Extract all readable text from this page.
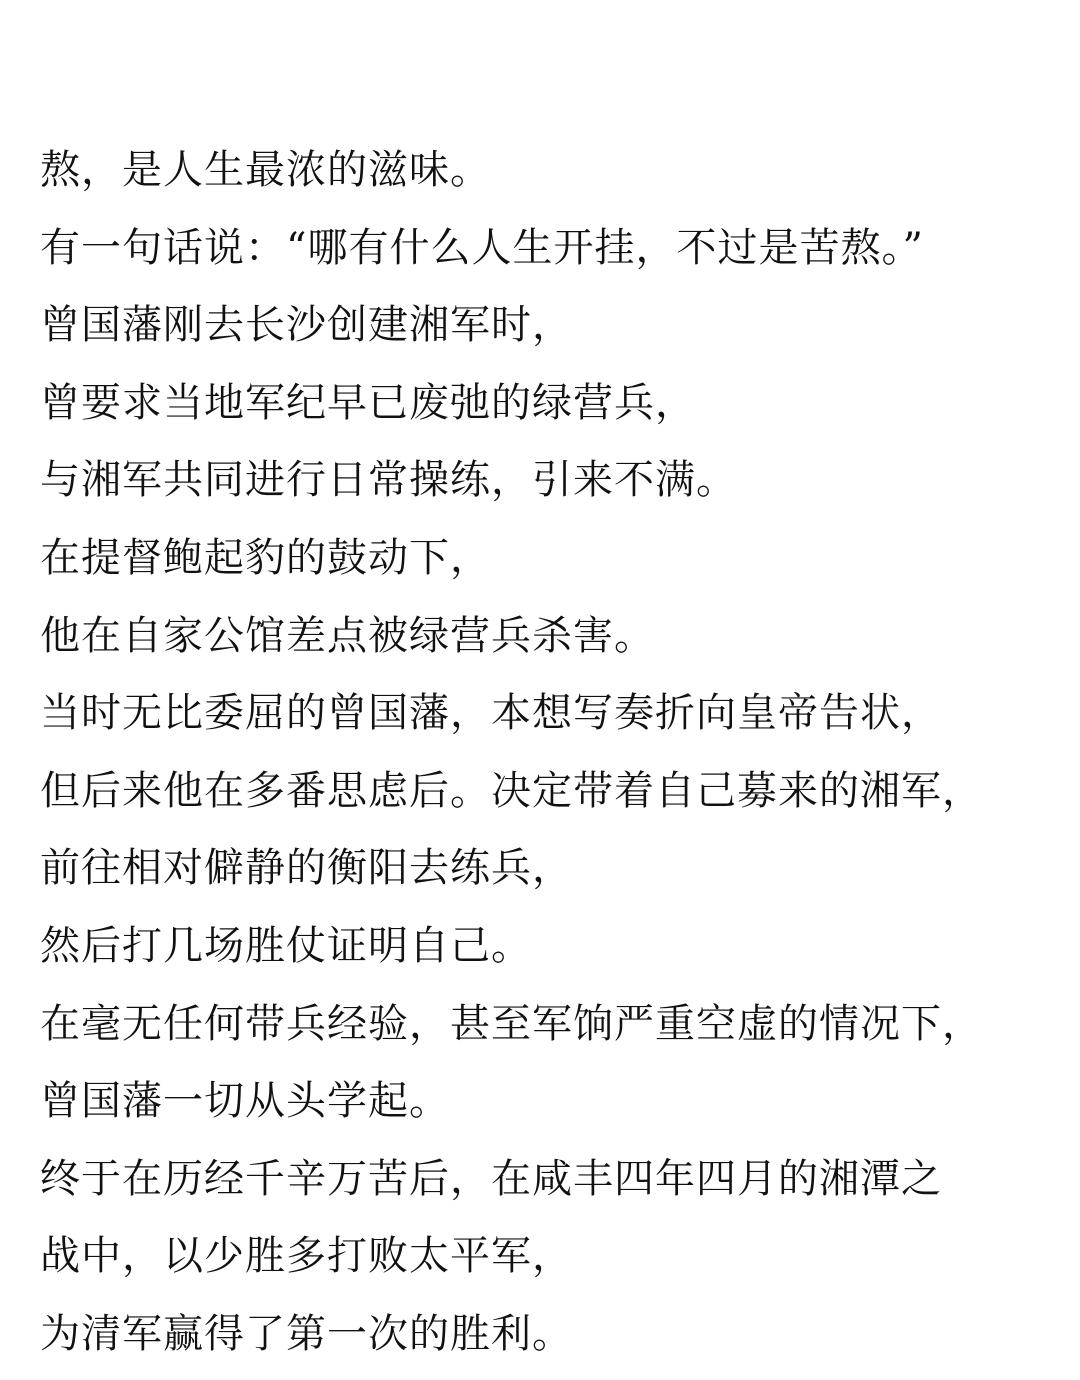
熬，是人生最浓的滋味。
有一句话说：“哪有什么人生开挂，不过是苦熬。”
曾国藩刚去长沙创建湘军时，
曾要求当地军纪早已废弛的绿营兵，
与湘军共同进行日常操练，引来不满。
在提督鲍起豹的鼓动下，
他在自家公馆差点被绿营兵杀害。
当时无比委屈的曾国藩，本想写奏折向皇帝告状，
但后来他在多番思虑后。决定带着自己募来的湘军，
前往相对僻静的衡阳去练兵，
然后打几场胜仗证明自己。
在毫无任何带兵经验，甚至军饷严重空虚的情况下，
曾国藩一切从头学起。
终于在历经千辛万苦后，在咸丰四年四月的湘潭之
战中，以少胜多打败太平军，
为清军赢得了第一次的胜利。
